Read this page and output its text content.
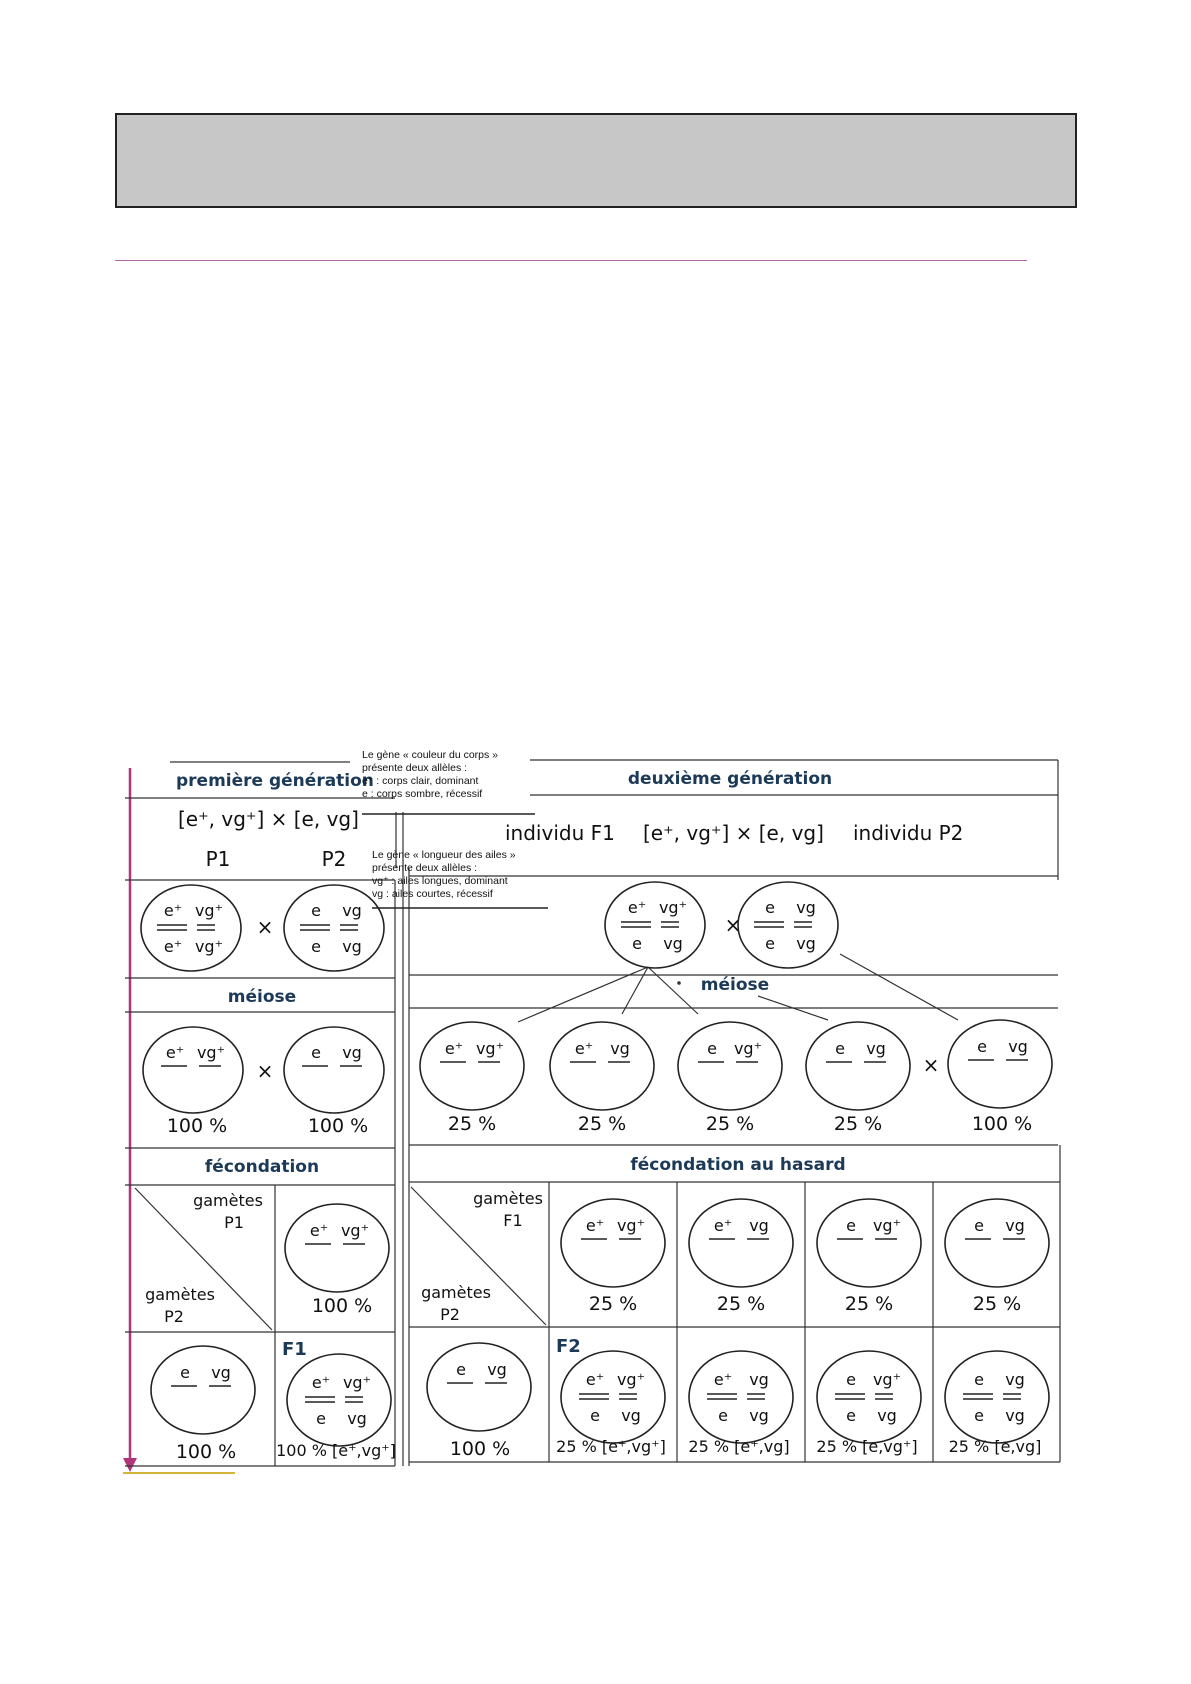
première génération
[e⁺, vg⁺] × [e, vg]
P1	P2
e⁺ vg⁺
e⁺ vg⁺
×
e vg
e vg
méiose
e⁺ vg⁺
×
e vg
100 %	100 %
fécondation
gamètes
P1
gamètes
P2
e⁺ vg⁺
100 %
e vg
100 %
F1
e⁺ vg⁺
e vg
100 % [e⁺,vg⁺]
Le gène « couleur du corps »
présente deux allèles :
e⁺ : corps clair, dominant
e : corps sombre, récessif
Le gène « longueur des ailes »
présente deux allèles :
vg⁺ : ailes longues, dominant
vg : ailes courtes, récessif
deuxième génération
individu F1 [e⁺, vg⁺] × [e, vg] individu P2
e⁺ vg⁺
e vg
×
e vg
e vg
méiose
e⁺ vg⁺
25 %
e⁺ vg
25 %
e vg⁺
25 %
e vg
25 %
×
e vg
100 %
fécondation au hasard
gamètes
F1
gamètes
P2
e⁺ vg⁺
25 %
e⁺ vg
25 %
e vg⁺
25 %
e vg
25 %
e vg
100 %
F2
e⁺ vg⁺
e vg
25 % [e⁺,vg⁺]
e⁺ vg
e vg
25 % [e⁺,vg]
e vg⁺
e vg
25 % [e,vg⁺]
e vg
e vg
25 % [e,vg]
